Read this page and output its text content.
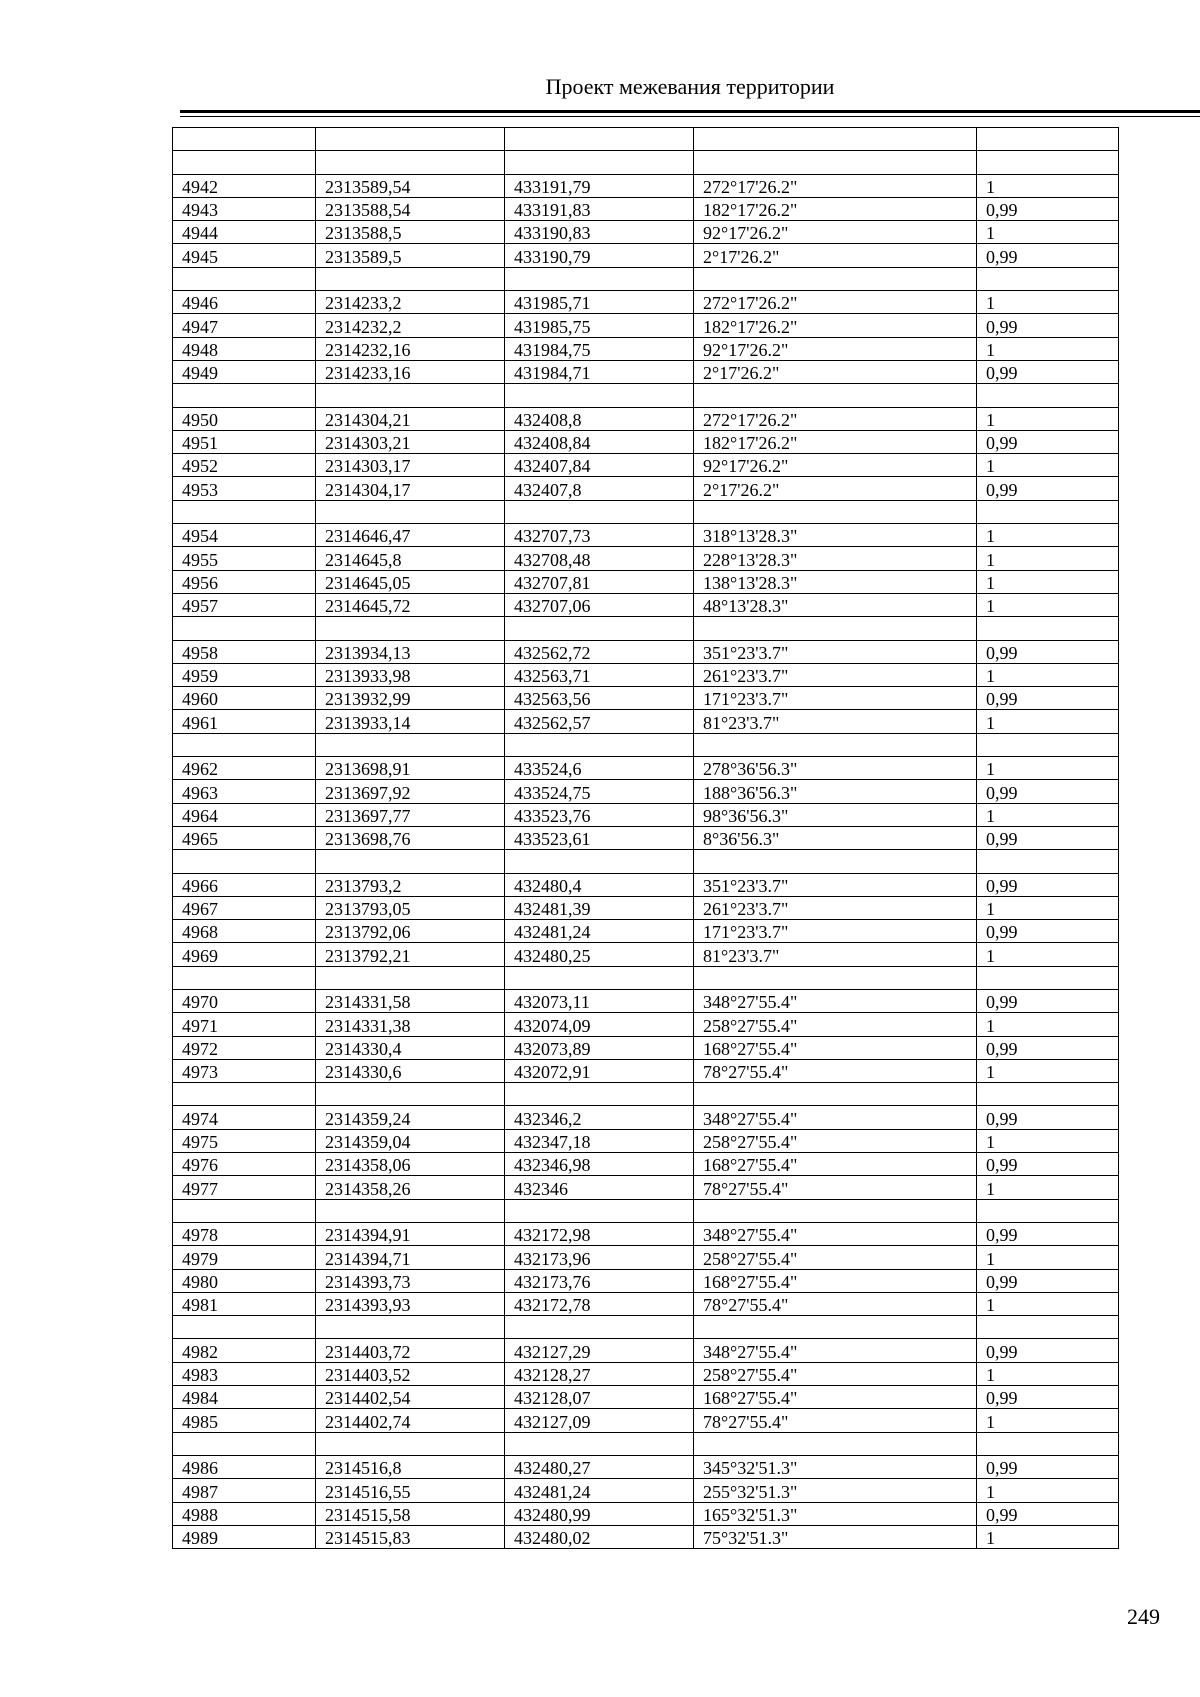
Проект межевания территории

4942	2313589,54	433191,79	272°17'26.2"	1
4943	2313588,54	433191,83	182°17'26.2"	0,99
4944	2313588,5	433190,83	92°17'26.2"	1
4945	2313589,5	433190,79	2°17'26.2"	0,99

4946	2314233,2	431985,71	272°17'26.2"	1
4947	2314232,2	431985,75	182°17'26.2"	0,99
4948	2314232,16	431984,75	92°17'26.2"	1
4949	2314233,16	431984,71	2°17'26.2"	0,99

4950	2314304,21	432408,8	272°17'26.2"	1
4951	2314303,21	432408,84	182°17'26.2"	0,99
4952	2314303,17	432407,84	92°17'26.2"	1
4953	2314304,17	432407,8	2°17'26.2"	0,99

4954	2314646,47	432707,73	318°13'28.3"	1
4955	2314645,8	432708,48	228°13'28.3"	1
4956	2314645,05	432707,81	138°13'28.3"	1
4957	2314645,72	432707,06	48°13'28.3"	1

4958	2313934,13	432562,72	351°23'3.7"	0,99
4959	2313933,98	432563,71	261°23'3.7"	1
4960	2313932,99	432563,56	171°23'3.7"	0,99
4961	2313933,14	432562,57	81°23'3.7"	1

4962	2313698,91	433524,6	278°36'56.3"	1
4963	2313697,92	433524,75	188°36'56.3"	0,99
4964	2313697,77	433523,76	98°36'56.3"	1
4965	2313698,76	433523,61	8°36'56.3"	0,99

4966	2313793,2	432480,4	351°23'3.7"	0,99
4967	2313793,05	432481,39	261°23'3.7"	1
4968	2313792,06	432481,24	171°23'3.7"	0,99
4969	2313792,21	432480,25	81°23'3.7"	1

4970	2314331,58	432073,11	348°27'55.4"	0,99
4971	2314331,38	432074,09	258°27'55.4"	1
4972	2314330,4	432073,89	168°27'55.4"	0,99
4973	2314330,6	432072,91	78°27'55.4"	1

4974	2314359,24	432346,2	348°27'55.4"	0,99
4975	2314359,04	432347,18	258°27'55.4"	1
4976	2314358,06	432346,98	168°27'55.4"	0,99
4977	2314358,26	432346	78°27'55.4"	1

4978	2314394,91	432172,98	348°27'55.4"	0,99
4979	2314394,71	432173,96	258°27'55.4"	1
4980	2314393,73	432173,76	168°27'55.4"	0,99
4981	2314393,93	432172,78	78°27'55.4"	1

4982	2314403,72	432127,29	348°27'55.4"	0,99
4983	2314403,52	432128,27	258°27'55.4"	1
4984	2314402,54	432128,07	168°27'55.4"	0,99
4985	2314402,74	432127,09	78°27'55.4"	1

4986	2314516,8	432480,27	345°32'51.3"	0,99
4987	2314516,55	432481,24	255°32'51.3"	1
4988	2314515,58	432480,99	165°32'51.3"	0,99
4989	2314515,83	432480,02	75°32'51.3"	1
249
